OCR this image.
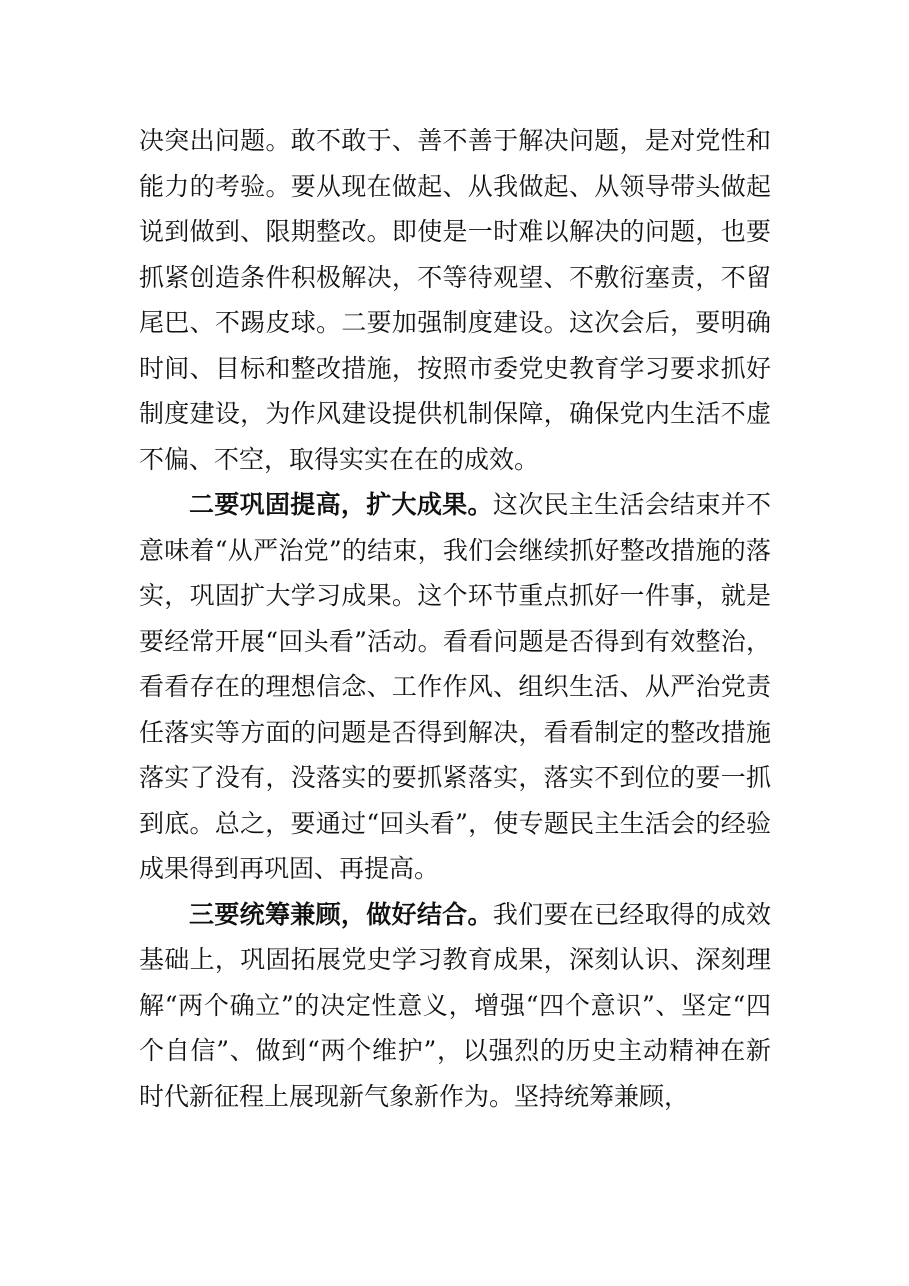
决突出问题。敢不敢于、善不善于解决问题，是对党性和能力的考验。要从现在做起、从我做起、从领导带头做起说到做到、限期整改。即使是一时难以解决的问题，也要抓紧创造条件积极解决，不等待观望、不敷衍塞责，不留尾巴、不踢皮球。二要加强制度建设。这次会后，要明确时间、目标和整改措施，按照市委党史教育学习要求抓好制度建设，为作风建设提供机制保障，确保党内生活不虚不偏、不空，取得实实在在的成效。

二要巩固提高，扩大成果。这次民主生活会结束并不意味着“从严治党”的结束，我们会继续抓好整改措施的落实，巩固扩大学习成果。这个环节重点抓好一件事，就是要经常开展“回头看”活动。看看问题是否得到有效整治，看看存在的理想信念、工作作风、组织生活、从严治党责任落实等方面的问题是否得到解决，看看制定的整改措施落实了没有，没落实的要抓紧落实，落实不到位的要一抓到底。总之，要通过“回头看”，使专题民主生活会的经验成果得到再巩固、再提高。

三要统筹兼顾，做好结合。我们要在已经取得的成效基础上，巩固拓展党史学习教育成果，深刻认识、深刻理解“两个确立”的决定性意义，增强“四个意识”、坚定“四个自信”、做到“两个维护”，以强烈的历史主动精神在新时代新征程上展现新气象新作为。坚持统筹兼顾，
